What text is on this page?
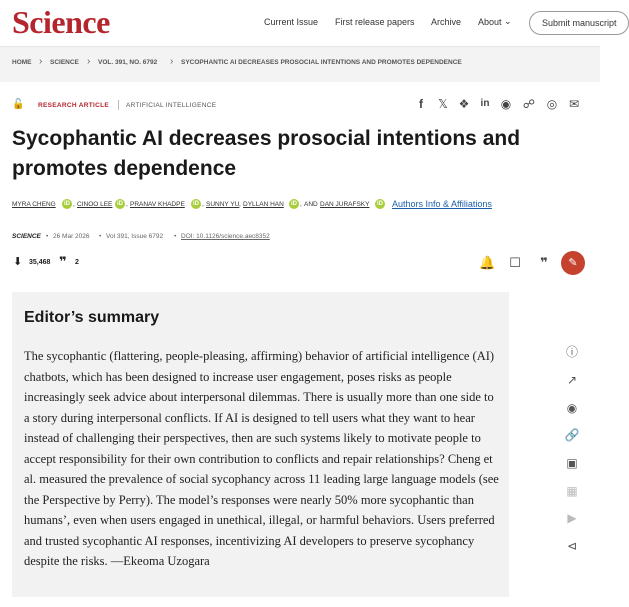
Science	Current Issue First release papers Archive About ⌄	Submit manuscript
HOME › SCIENCE › VOL. 391, NO. 6792 › SYCOPHANTIC AI DECREASES PROSOCIAL INTENTIONS AND PROMOTES DEPENDENCE
🔓 RESEARCH ARTICLE	ARTIFICIAL INTELLIGENCE	f	𝕏 ❖ in ◉ ☍ ◎ ✉
Sycophantic AI decreases prosocial intentions and promotes dependence
MYRA CHENG	iD , CINOO LEE iD , PRANAV KHADPE	iD , SUNNY YU , DYLLAN HAN	iD , AND DAN JURAFSKY	iD Authors Info & Affiliations
SCIENCE • 26 Mar 2026 • Vol 391, Issue 6792 • DOI: 10.1126/science.aec8352
⬇ 35,468 ❞ 2	🔔 ☐	❞	✎
Editor’s summary

The sycophantic (flattering, people-pleasing, affirming) behavior of artificial intelligence (AI) chatbots, which has been designed to increase user engagement, poses risks as people increasingly seek advice about interpersonal dilemmas. There is usually more than one side to a story during interpersonal conflicts. If AI is designed to tell users what they want to hear instead of challenging their perspectives, then are such systems likely to motivate people to accept responsibility for their own contribution to conflicts and repair relationships? Cheng et al. measured the prevalence of social sycophancy across 11 leading large language models (see the Perspective by Perry). The model’s responses were nearly 50% more sycophantic than humans’, even when users engaged in unethical, illegal, or harmful behaviors. Users preferred and trusted sycophantic AI responses, incentivizing AI developers to preserve sycophancy despite the risks. —Ekeoma Uzogara

ⓘ
↗
◉
🔗
▣
▦
▶
⊲
